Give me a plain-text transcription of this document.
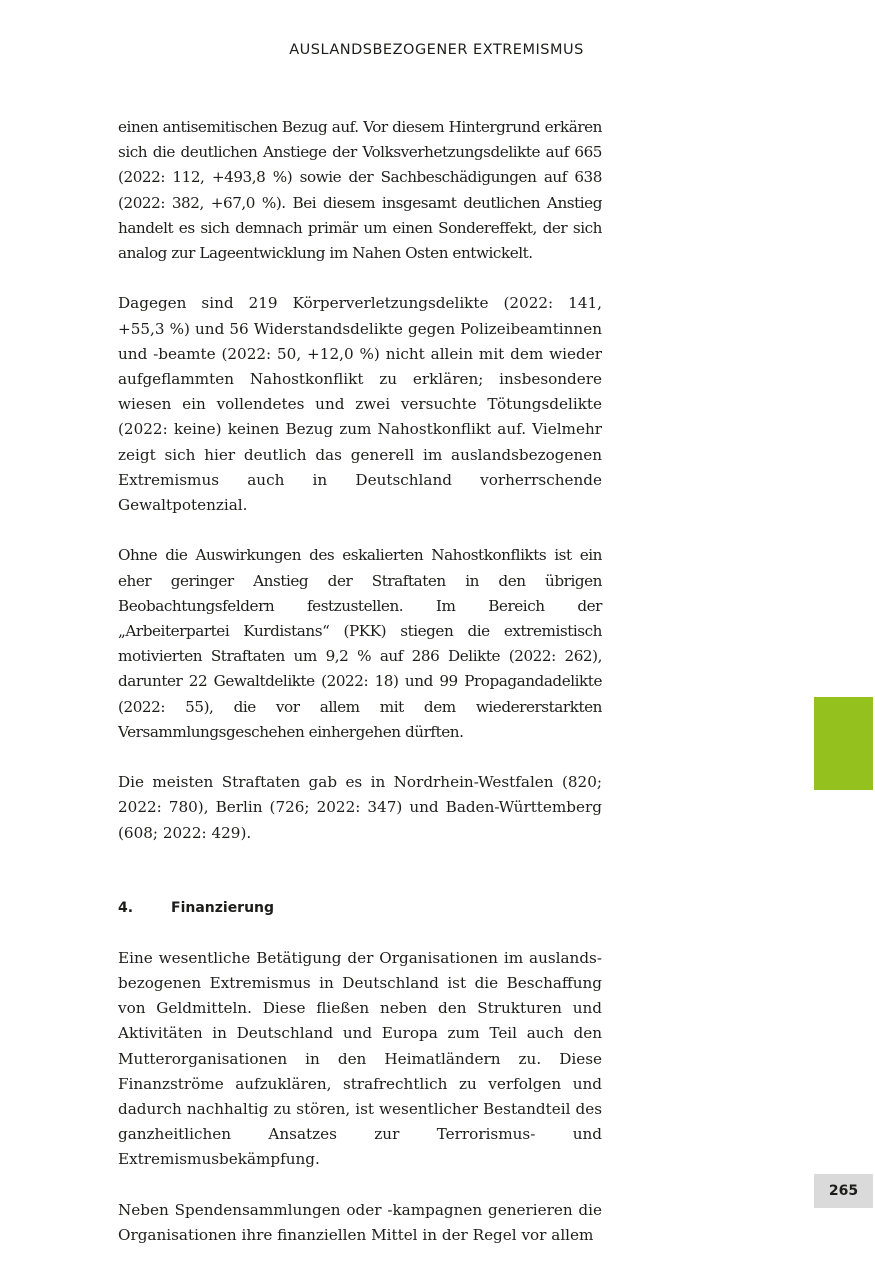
AUSLANDSBEZOGENER EXTREMISMUS

einen antisemitischen Bezug auf. Vor diesem Hintergrund erkären sich die deutlichen Anstiege der Volksverhetzungsdelikte auf 665 (2022: 112, +493,8 %) sowie der Sachbeschädigungen auf 638 (2022: 382, +67,0 %). Bei diesem insgesamt deutlichen Anstieg handelt es sich demnach primär um einen Sondereffekt, der sich analog zur Lageentwicklung im Nahen Osten entwickelt.

Dagegen sind 219 Körperverletzungsdelikte (2022: 141, +55,3 %) und 56 Widerstandsdelikte gegen Polizeibeamtinnen und -beamte (2022: 50, +12,0 %) nicht allein mit dem wieder aufgeflammten Nahostkonflikt zu erklären; insbesondere wiesen ein vollendetes und zwei versuchte Tötungsdelikte (2022: keine) keinen Bezug zum Nahostkonflikt auf. Vielmehr zeigt sich hier deutlich das generell im auslandsbezogenen Extremismus auch in Deutschland vorherrschende Gewaltpotenzial.

Ohne die Auswirkungen des eskalierten Nahostkonflikts ist ein eher geringer Anstieg der Straftaten in den übrigen Beobachtungsfeldern festzustellen. Im Bereich der „Arbeiterpartei Kurdistans“ (PKK) stiegen die extremistisch motivierten Straftaten um 9,2 % auf 286 Delikte (2022: 262), darunter 22 Gewaltdelikte (2022: 18) und 99 Propagandadelikte (2022: 55), die vor allem mit dem wiedererstarkten Versammlungsgeschehen einhergehen dürften.

Die meisten Straftaten gab es in Nordrhein-Westfalen (820; 2022: 780), Berlin (726; 2022: 347) und Baden-Württemberg (608; 2022: 429).

4.	Finanzierung

Eine wesentliche Betätigung der Organisationen im auslandsbezogenen Extremismus in Deutschland ist die Beschaffung von Geldmitteln. Diese fließen neben den Strukturen und Aktivitäten in Deutschland und Europa zum Teil auch den Mutterorganisationen in den Heimatländern zu. Diese Finanzströme aufzuklären, strafrechtlich zu verfolgen und dadurch nachhaltig zu stören, ist wesentlicher Bestandteil des ganzheitlichen Ansatzes zur Terrorismus- und Extremismusbekämpfung.

Neben Spendensammlungen oder -kampagnen generieren die Organisationen ihre finanziellen Mittel in der Regel vor allem

265
